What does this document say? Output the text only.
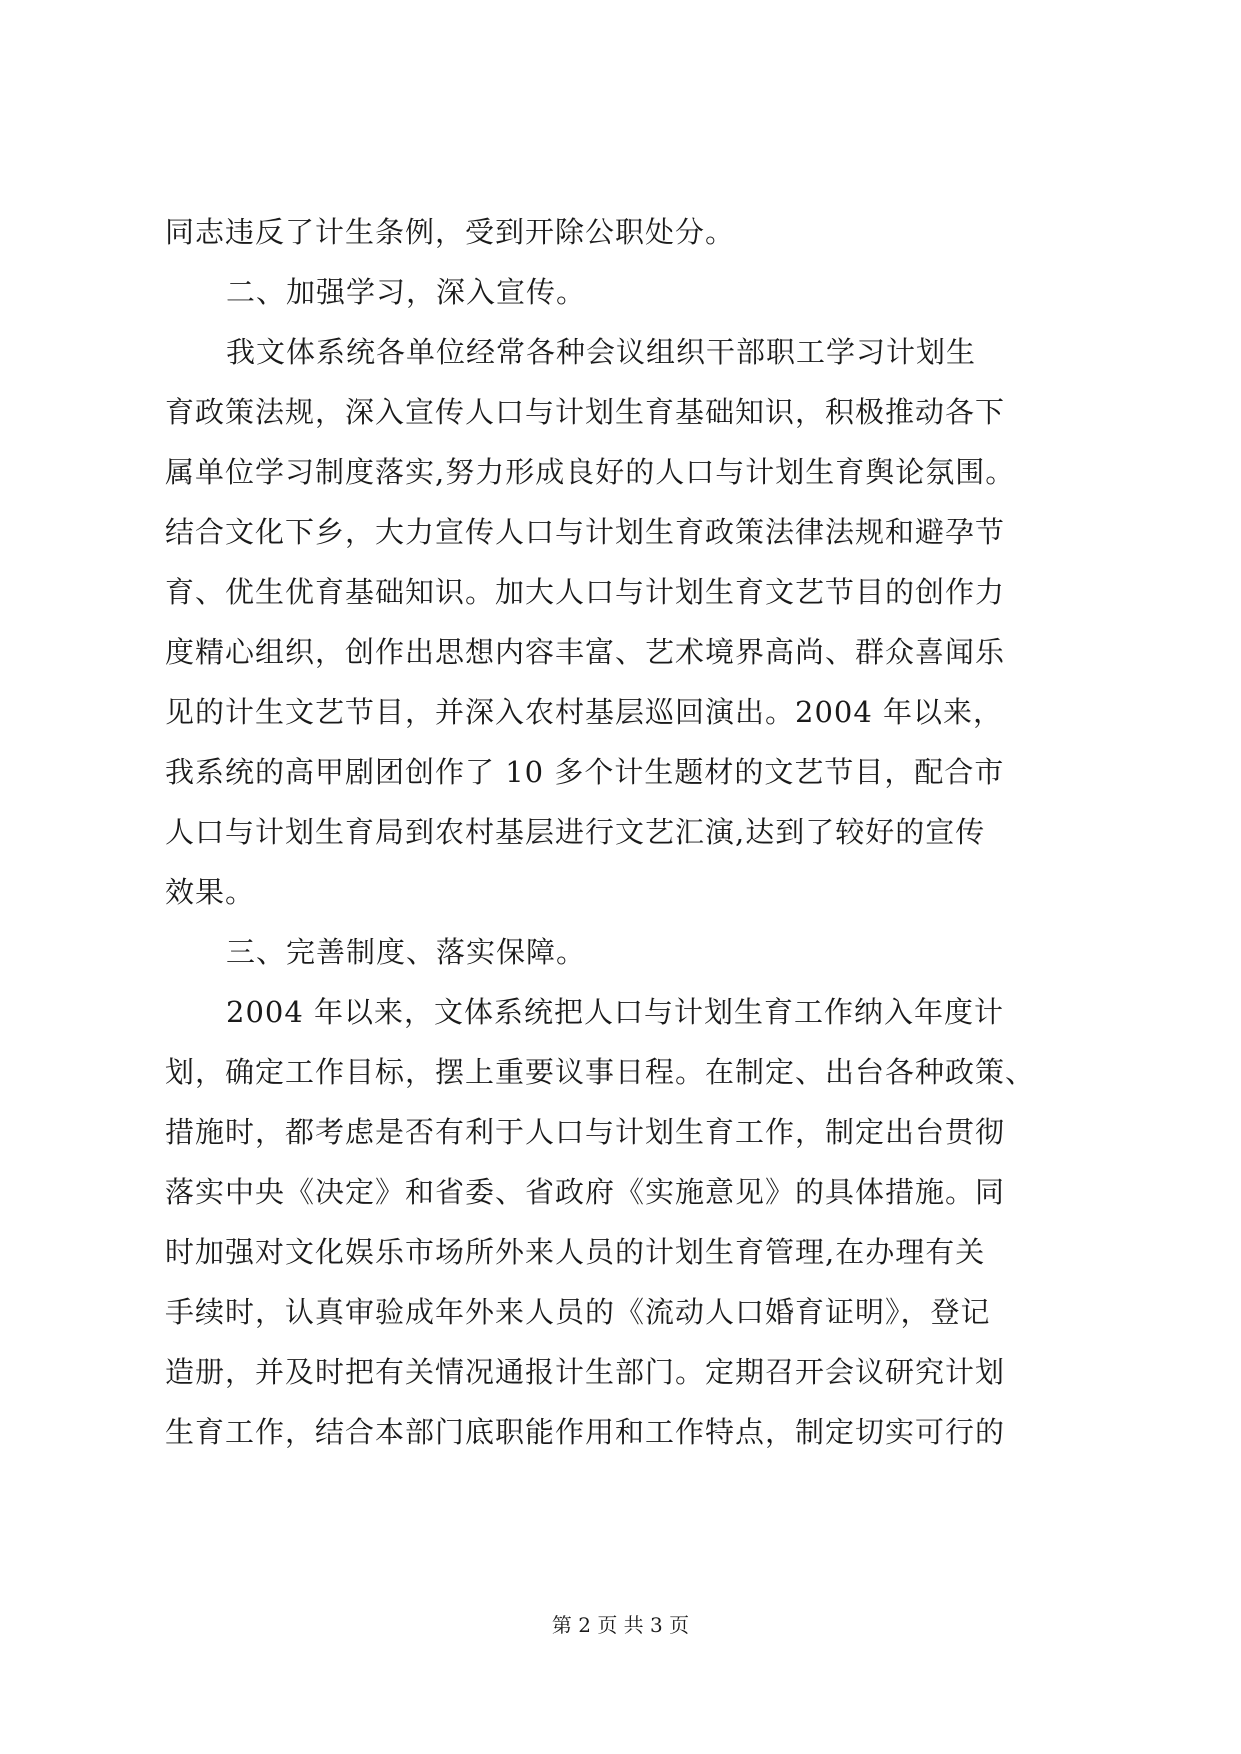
同志违反了计生条例，受到开除公职处分。
二、加强学习，深入宣传。
我文体系统各单位经常各种会议组织干部职工学习计划生
育政策法规，深入宣传人口与计划生育基础知识，积极推动各下
属单位学习制度落实,努力形成良好的人口与计划生育舆论氛围。
结合文化下乡，大力宣传人口与计划生育政策法律法规和避孕节
育、优生优育基础知识。加大人口与计划生育文艺节目的创作力
度精心组织，创作出思想内容丰富、艺术境界高尚、群众喜闻乐
见的计生文艺节目，并深入农村基层巡回演出。2004 年以来，
我系统的高甲剧团创作了 10 多个计生题材的文艺节目，配合市
人口与计划生育局到农村基层进行文艺汇演,达到了较好的宣传
效果。
三、完善制度、落实保障。
2004 年以来，文体系统把人口与计划生育工作纳入年度计
划，确定工作目标，摆上重要议事日程。在制定、出台各种政策、
措施时，都考虑是否有利于人口与计划生育工作，制定出台贯彻
落实中央《决定》和省委、省政府《实施意见》的具体措施。同
时加强对文化娱乐市场所外来人员的计划生育管理,在办理有关
手续时，认真审验成年外来人员的《流动人口婚育证明》，登记
造册，并及时把有关情况通报计生部门。定期召开会议研究计划
生育工作，结合本部门底职能作用和工作特点，制定切实可行的
第 2 页 共 3 页
